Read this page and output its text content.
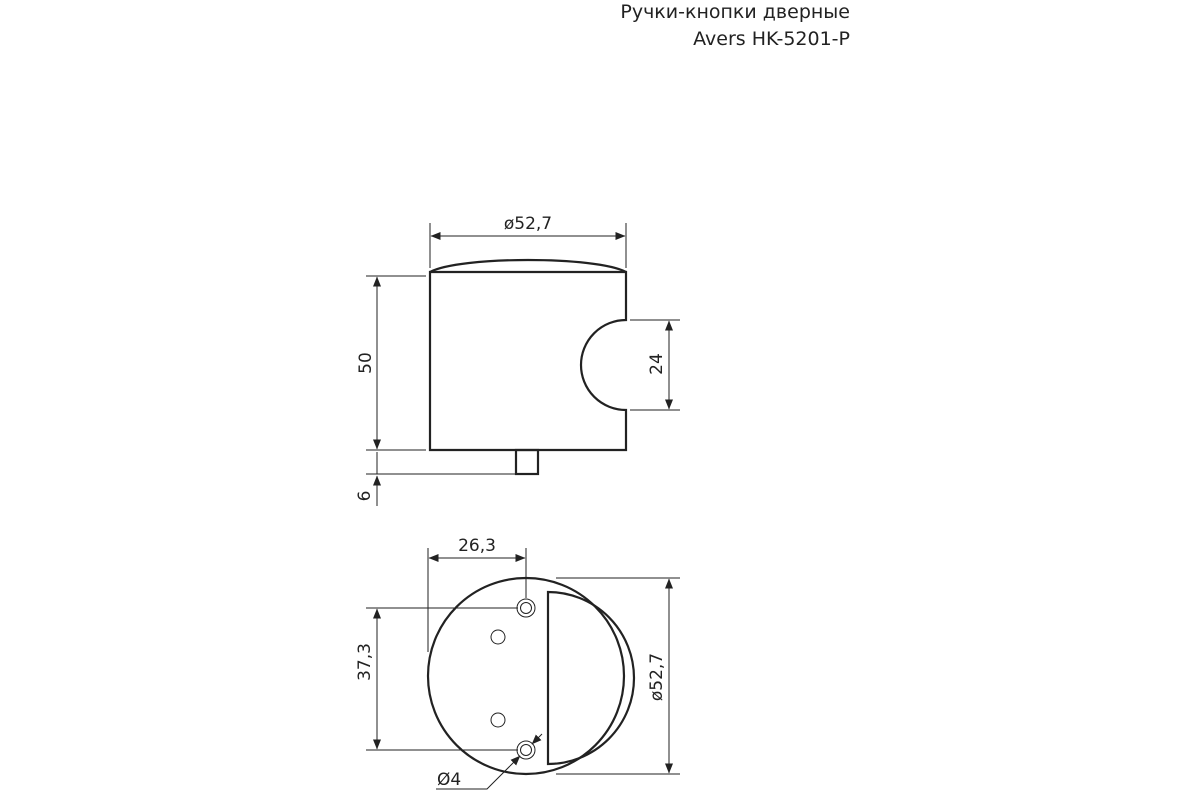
Ручки-кнопки дверные
Avers HK-5201-P
ø52,7
50
6
24
26,3
37,3	ø52,7
Ø4
